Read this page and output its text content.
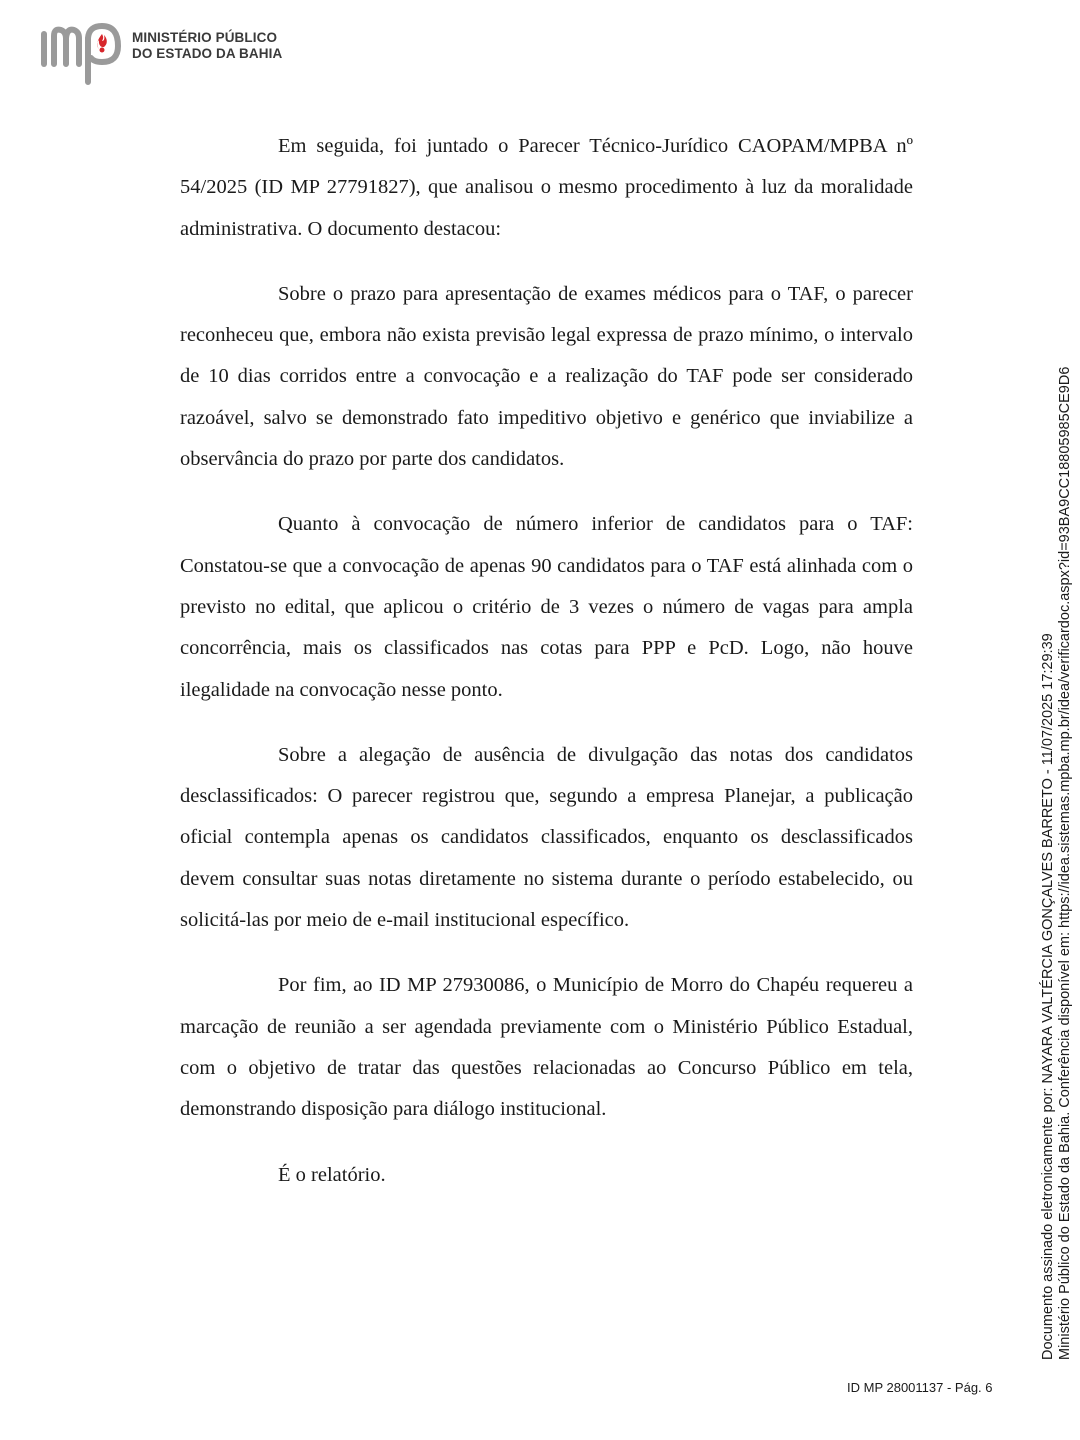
MINISTÉRIO PÚBLICO
DO ESTADO DA BAHIA

Em seguida, foi juntado o Parecer Técnico-Jurídico CAOPAM/MPBA nº 54/2025 (ID MP 27791827), que analisou o mesmo procedimento à luz da moralidade administrativa. O documento destacou:

Sobre o prazo para apresentação de exames médicos para o TAF, o parecer reconheceu que, embora não exista previsão legal expressa de prazo mínimo, o intervalo de 10 dias corridos entre a convocação e a realização do TAF pode ser considerado razoável, salvo se demonstrado fato impeditivo objetivo e genérico que inviabilize a observância do prazo por parte dos candidatos.

Quanto à convocação de número inferior de candidatos para o TAF: Constatou-se que a convocação de apenas 90 candidatos para o TAF está alinhada com o previsto no edital, que aplicou o critério de 3 vezes o número de vagas para ampla concorrência, mais os classificados nas cotas para PPP e PcD. Logo, não houve ilegalidade na convocação nesse ponto.

Sobre a alegação de ausência de divulgação das notas dos candidatos desclassificados: O parecer registrou que, segundo a empresa Planejar, a publicação oficial contempla apenas os candidatos classificados, enquanto os desclassificados devem consultar suas notas diretamente no sistema durante o período estabelecido, ou solicitá-las por meio de e-mail institucional específico.

Por fim, ao ID MP 27930086, o Município de Morro do Chapéu requereu a marcação de reunião a ser agendada previamente com o Ministério Público Estadual, com o objetivo de tratar das questões relacionadas ao Concurso Público em tela, demonstrando disposição para diálogo institucional.

É o relatório.	Documento assinado eletronicamente por: NAYARA VALTÉRCIA GONÇALVES BARRETO - 11/07/2025 17:29:39 Ministério Público do Estado da Bahia. Conferência disponível em: https://idea.sistemas.mpba.mp.br/idea/verificardoc.aspx?id=93BA9CC18805985CE9D6
ID MP 28001137 - Pág. 6
